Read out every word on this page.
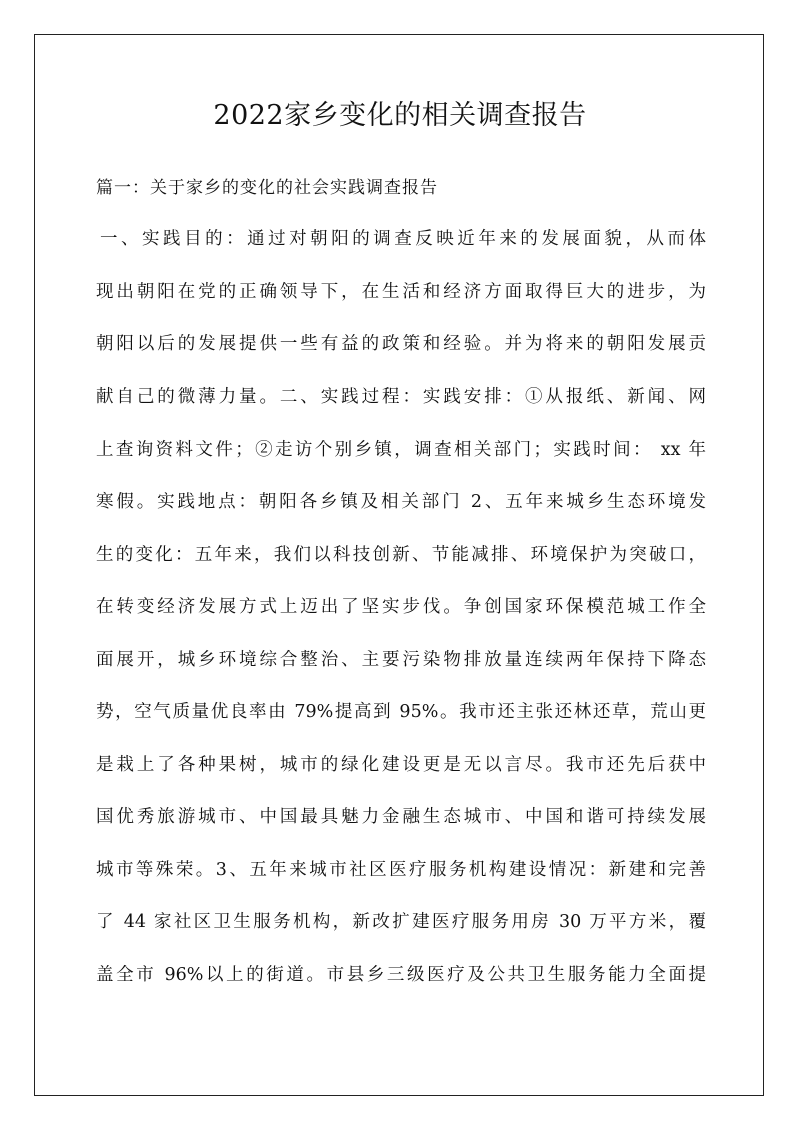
2022家乡变化的相关调查报告
篇一：关于家乡的变化的社会实践调查报告
一、实践目的：通过对朝阳的调查反映近年来的发展面貌，从而体
现出朝阳在党的正确领导下，在生活和经济方面取得巨大的进步，为
朝阳以后的发展提供一些有益的政策和经验。并为将来的朝阳发展贡
献自己的微薄力量。二、实践过程：实践安排：①从报纸、新闻、网
上查询资料文件；②走访个别乡镇，调查相关部门；实践时间： xx 年
寒假。实践地点：朝阳各乡镇及相关部门 2、五年来城乡生态环境发
生的变化：五年来，我们以科技创新、节能减排、环境保护为突破口，
在转变经济发展方式上迈出了坚实步伐。争创国家环保模范城工作全
面展开，城乡环境综合整治、主要污染物排放量连续两年保持下降态
势，空气质量优良率由 79%提高到 95%。我市还主张还林还草，荒山更
是栽上了各种果树，城市的绿化建设更是无以言尽。我市还先后获中
国优秀旅游城市、中国最具魅力金融生态城市、中国和谐可持续发展
城市等殊荣。3、五年来城市社区医疗服务机构建设情况：新建和完善
了 44 家社区卫生服务机构，新改扩建医疗服务用房 30 万平方米，覆
盖全市 96%以上的街道。市县乡三级医疗及公共卫生服务能力全面提
